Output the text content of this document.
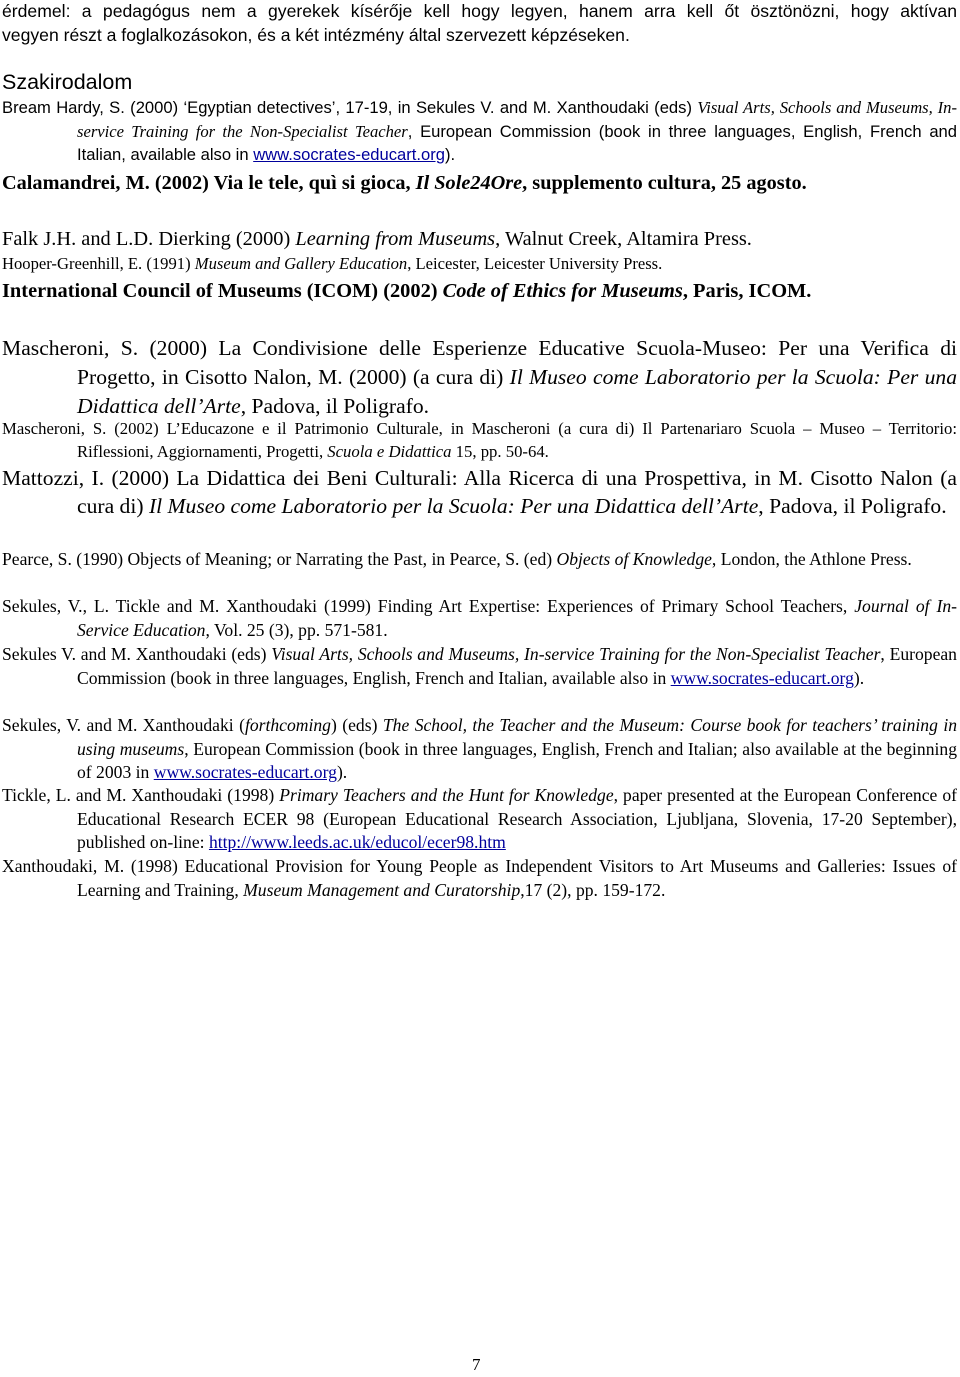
érdemel: a pedagógus nem a gyerekek kísérője kell hogy legyen, hanem arra kell őt ösztönözni, hogy aktívan
vegyen részt a foglalkozásokon, és a két intézmény által szervezett képzéseken.
Szakirodalom
Bream Hardy, S. (2000) ‘Egyptian detectives’, 17-19, in Sekules V. and M. Xanthoudaki (eds) Visual Arts, Schools and Museums, In-service Training for the Non-Specialist Teacher, European Commission (book in three languages, English, French and Italian, available also in www.socrates-educart.org).
Calamandrei, M. (2002) Via le tele, quì si gioca, Il Sole24Ore, supplemento cultura, 25 agosto.
Falk J.H. and L.D. Dierking (2000) Learning from Museums, Walnut Creek, Altamira Press.
Hooper-Greenhill, E. (1991) Museum and Gallery Education, Leicester, Leicester University Press.
International Council of Museums (ICOM) (2002) Code of Ethics for Museums, Paris, ICOM.
Mascheroni, S. (2000) La Condivisione delle Esperienze Educative Scuola-Museo: Per una Verifica di Progetto, in Cisotto Nalon, M. (2000) (a cura di) Il Museo come Laboratorio per la Scuola: Per una Didattica dell’Arte, Padova, il Poligrafo.
Mascheroni, S. (2002) L’Educazone e il Patrimonio Culturale, in Mascheroni (a cura di) Il Partenariaro Scuola – Museo – Territorio: Riflessioni, Aggiornamenti, Progetti, Scuola e Didattica 15, pp. 50-64.
Mattozzi, I. (2000) La Didattica dei Beni Culturali: Alla Ricerca di una Prospettiva, in M. Cisotto Nalon (a cura di) Il Museo come Laboratorio per la Scuola: Per una Didattica dell’Arte, Padova, il Poligrafo.
Pearce, S. (1990) Objects of Meaning; or Narrating the Past, in Pearce, S. (ed) Objects of Knowledge, London, the Athlone Press.
Sekules, V., L. Tickle and M. Xanthoudaki (1999) Finding Art Expertise: Experiences of Primary School Teachers, Journal of In-Service Education, Vol. 25 (3), pp. 571-581.
Sekules V. and M. Xanthoudaki (eds) Visual Arts, Schools and Museums, In-service Training for the Non-Specialist Teacher, European Commission (book in three languages, English, French and Italian, available also in www.socrates-educart.org).
Sekules, V. and M. Xanthoudaki (forthcoming) (eds) The School, the Teacher and the Museum: Course book for teachers’ training in using museums, European Commission (book in three languages, English, French and Italian; also available at the beginning of 2003 in www.socrates-educart.org).
Tickle, L. and M. Xanthoudaki (1998) Primary Teachers and the Hunt for Knowledge, paper presented at the European Conference of Educational Research ECER 98 (European Educational Research Association, Ljubljana, Slovenia, 17-20 September), published on-line: http://www.leeds.ac.uk/educol/ecer98.htm
Xanthoudaki, M. (1998) Educational Provision for Young People as Independent Visitors to Art Museums and Galleries: Issues of Learning and Training, Museum Management and Curatorship,17 (2), pp. 159-172.
7
